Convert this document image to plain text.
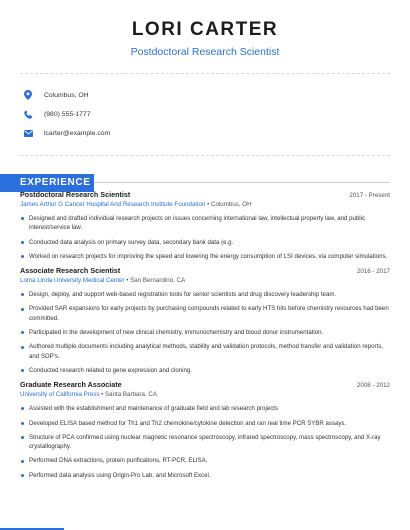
LORI CARTER
Postdoctoral Research Scientist
Columbus, OH
(980) 555-1777
lcarter@example.com
EXPERIENCE
Postdoctoral Research Scientist	2017 - Present
James Arthur G Cancer Hospital And Research Institute Foundation • Columbus, OH
Designed and drafted individual research projects on issues concerning international law, intellectual property law, and public interest/service law.
Conducted data analysis on primary survey data, secondary bank data (e.g.
Worked on research projects for improving the speed and lowering the energy consumption of LSI devices, via computer simulations.
Associate Research Scientist	2016 - 2017
Loma Linda University Medical Center • San Bernardino, CA
Design, deploy, and support web-based registration tools for senior scientists and drug discovery leadership team.
Provided SAR expansions for early projects by purchasing compounds related to early HTS hits before chemistry resources had been committed.
Participated in the development of new clinical chemistry, immunochemistry and blood donor instrumentation.
Authored multiple documents including analytical methods, stability and validation protocols, method transfer and validation reports, and SOP's.
Conducted research related to gene expression and cloning.
Graduate Research Associate	2008 - 2012
University of California Press • Santa Barbara, CA
Assisted with the establishment and maintenance of graduate field and lab research projects
Developed ELISA based method for Th1 and Th2 chemokine/cytokine detection and ran real time PCR SYBR assays.
Structure of PCA confirmed using nuclear magnetic resonance spectroscopy, infrared spectroscopy, mass spectroscopy, and X-ray crystallography.
Performed DNA extractions, protein purifications, RT-PCR, ELISA.
Performed data analysis using Origin-Pro Lab, and Microsoft Excel.
